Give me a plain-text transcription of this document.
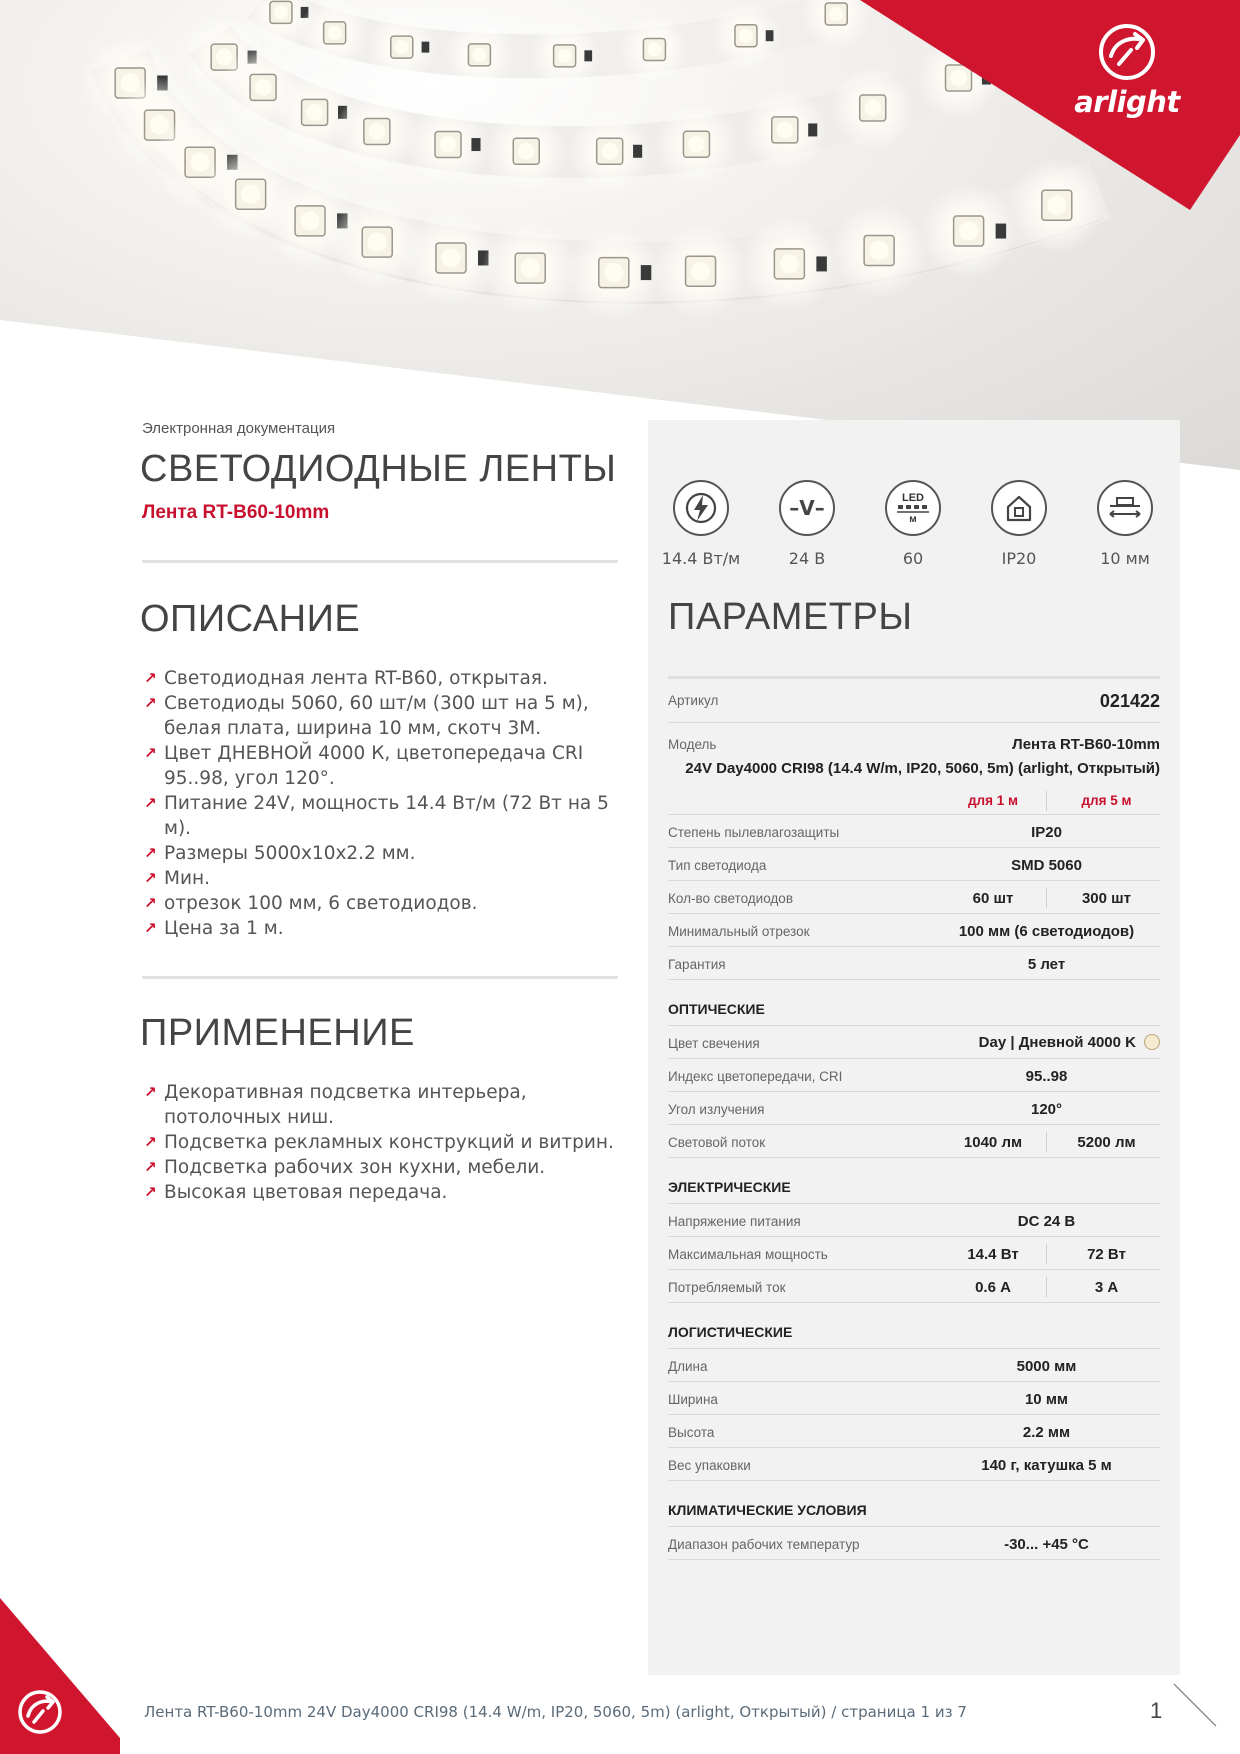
arlight
Электронная документация
СВЕТОДИОДНЫЕ ЛЕНТЫ
Лента RT-B60-10mm
ОПИСАНИЕ
↗ Светодиодная лента RT-B60, открытая.
↗ Светодиоды 5060, 60 шт/м (300 шт на 5 м), белая плата, ширина 10 мм, скотч 3M.
↗ Цвет ДНЕВНОЙ 4000 К, цветопередача CRI 95..98, угол 120°.
↗ Питание 24V, мощность 14.4 Вт/м (72 Вт на 5 м).
↗ Размеры 5000x10x2.2 мм.
↗ Мин.
↗ отрезок 100 мм, 6 светодиодов.
↗ Цена за 1 м.
ПРИМЕНЕНИЕ
↗ Декоративная подсветка интерьера, потолочных ниш.
↗ Подсветка рекламных конструкций и витрин.
↗ Подсветка рабочих зон кухни, мебели.
↗ Высокая цветовая передача.
14.4 Вт/м
–V–
24 В
LED
м
60	IP20	10 мм
ПАРАМЕТРЫ
Артикул	021422
Модель	Лента RT-B60-10mm
24V Day4000 CRI98 (14.4 W/m, IP20, 5060, 5m) (arlight, Открытый)
для 1 м	для 5 м
Степень пылевлагозащиты	IP20
Тип светодиода	SMD 5060
Кол-во светодиодов	60 шт	300 шт
Минимальный отрезок	100 мм (6 светодиодов)
Гарантия	5 лет
ОПТИЧЕСКИЕ
Цвет свечения	Day | Дневной 4000 K
Индекс цветопередачи, CRI	95..98
Угол излучения	120°
Световой поток	1040 лм	5200 лм
ЭЛЕКТРИЧЕСКИЕ
Напряжение питания	DC 24 В
Максимальная мощность	14.4 Вт	72 Вт
Потребляемый ток	0.6 А	3 А
ЛОГИСТИЧЕСКИЕ
Длина	5000 мм
Ширина	10 мм
Высота	2.2 мм
Вес упаковки	140 г, катушка 5 м
КЛИМАТИЧЕСКИЕ УСЛОВИЯ
Диапазон рабочих температур	-30... +45 °C
Лента RT-B60-10mm 24V Day4000 CRI98 (14.4 W/m, IP20, 5060, 5m) (arlight, Открытый) / страница 1 из 7	1
